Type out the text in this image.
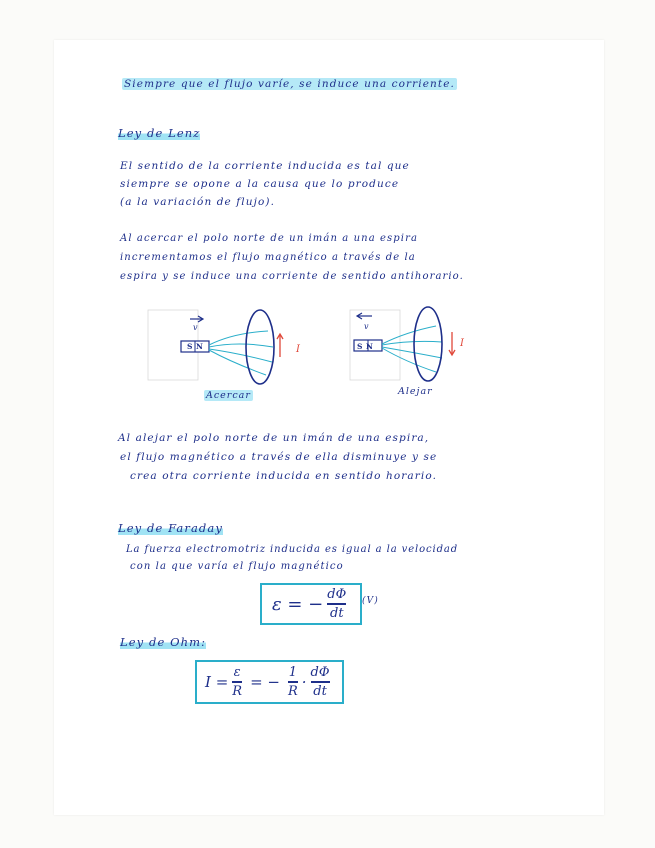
Siempre que el flujo varíe, se induce una corriente.
Ley de Lenz
El sentido de la corriente inducida es tal que
siempre se opone a la causa que lo produce
(a la variación de flujo).
Al acercar el polo norte de un imán a una espira
incrementamos el flujo magnético a través de la
espira y se induce una corriente de sentido antihorario.
S N
v
I	S N
v
I
Acercar	Alejar
Al alejar el polo norte de un imán de una espira,
el flujo magnético a través de ella disminuye y se
crea otra corriente inducida en sentido horario.
Ley de Faraday
La fuerza electromotriz inducida es igual a la velocidad
con la que varía el flujo magnético
ε = − $\frac{d\Phi}{dt} (V)$
Ley de Ohm:
$I = \frac{\varepsilon}{R}$ = − $\frac{1}{R} \cdot \frac{d\Phi}{dt}$
